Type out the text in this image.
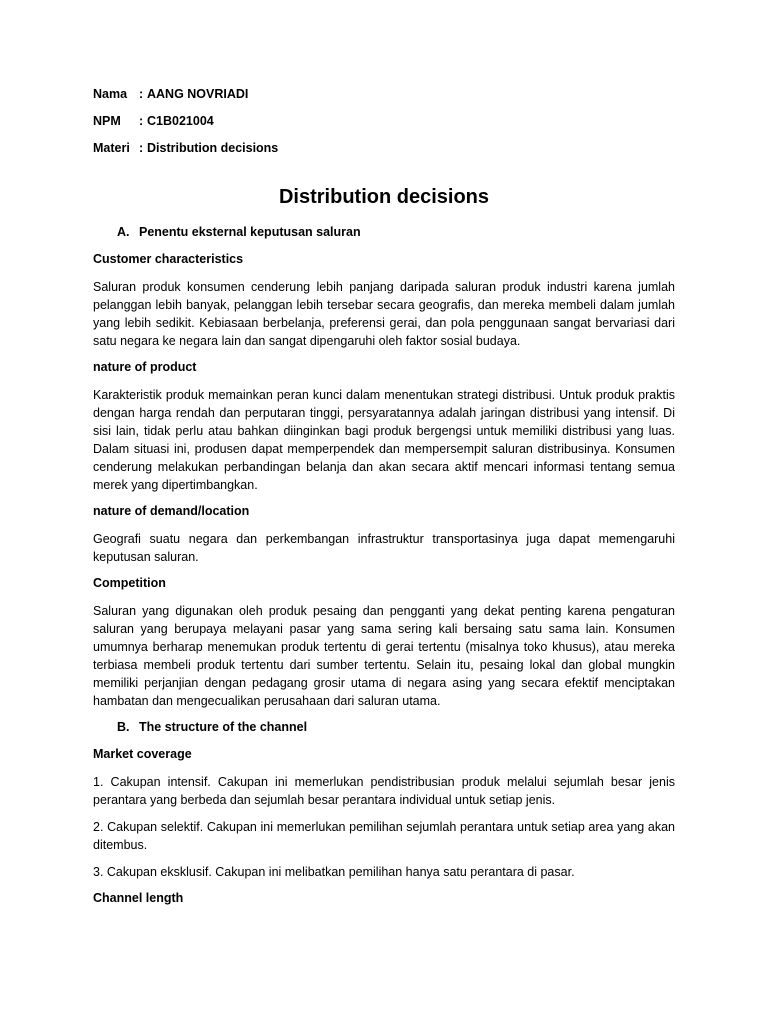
Nama : AANG NOVRIADI
NPM	: C1B021004
Materi : Distribution decisions
Distribution decisions
A. Penentu eksternal keputusan saluran
Customer characteristics

Saluran produk konsumen cenderung lebih panjang daripada saluran produk industri karena jumlah pelanggan lebih banyak, pelanggan lebih tersebar secara geografis, dan mereka membeli dalam jumlah yang lebih sedikit. Kebiasaan berbelanja, preferensi gerai, dan pola penggunaan sangat bervariasi dari satu negara ke negara lain dan sangat dipengaruhi oleh faktor sosial budaya.

nature of product

Karakteristik produk memainkan peran kunci dalam menentukan strategi distribusi. Untuk produk praktis dengan harga rendah dan perputaran tinggi, persyaratannya adalah jaringan distribusi yang intensif. Di sisi lain, tidak perlu atau bahkan diinginkan bagi produk bergengsi untuk memiliki distribusi yang luas. Dalam situasi ini, produsen dapat memperpendek dan mempersempit saluran distribusinya. Konsumen cenderung melakukan perbandingan belanja dan akan secara aktif mencari informasi tentang semua merek yang dipertimbangkan.

nature of demand/location

Geografi suatu negara dan perkembangan infrastruktur transportasinya juga dapat memengaruhi keputusan saluran.

Competition

Saluran yang digunakan oleh produk pesaing dan pengganti yang dekat penting karena pengaturan saluran yang berupaya melayani pasar yang sama sering kali bersaing satu sama lain. Konsumen umumnya berharap menemukan produk tertentu di gerai tertentu (misalnya toko khusus), atau mereka terbiasa membeli produk tertentu dari sumber tertentu. Selain itu, pesaing lokal dan global mungkin memiliki perjanjian dengan pedagang grosir utama di negara asing yang secara efektif menciptakan hambatan dan mengecualikan perusahaan dari saluran utama.

B. The structure of the channel
Market coverage

1. Cakupan intensif. Cakupan ini memerlukan pendistribusian produk melalui sejumlah besar jenis perantara yang berbeda dan sejumlah besar perantara individual untuk setiap jenis.

2. Cakupan selektif. Cakupan ini memerlukan pemilihan sejumlah perantara untuk setiap area yang akan ditembus.

3. Cakupan eksklusif. Cakupan ini melibatkan pemilihan hanya satu perantara di pasar.

Channel length
